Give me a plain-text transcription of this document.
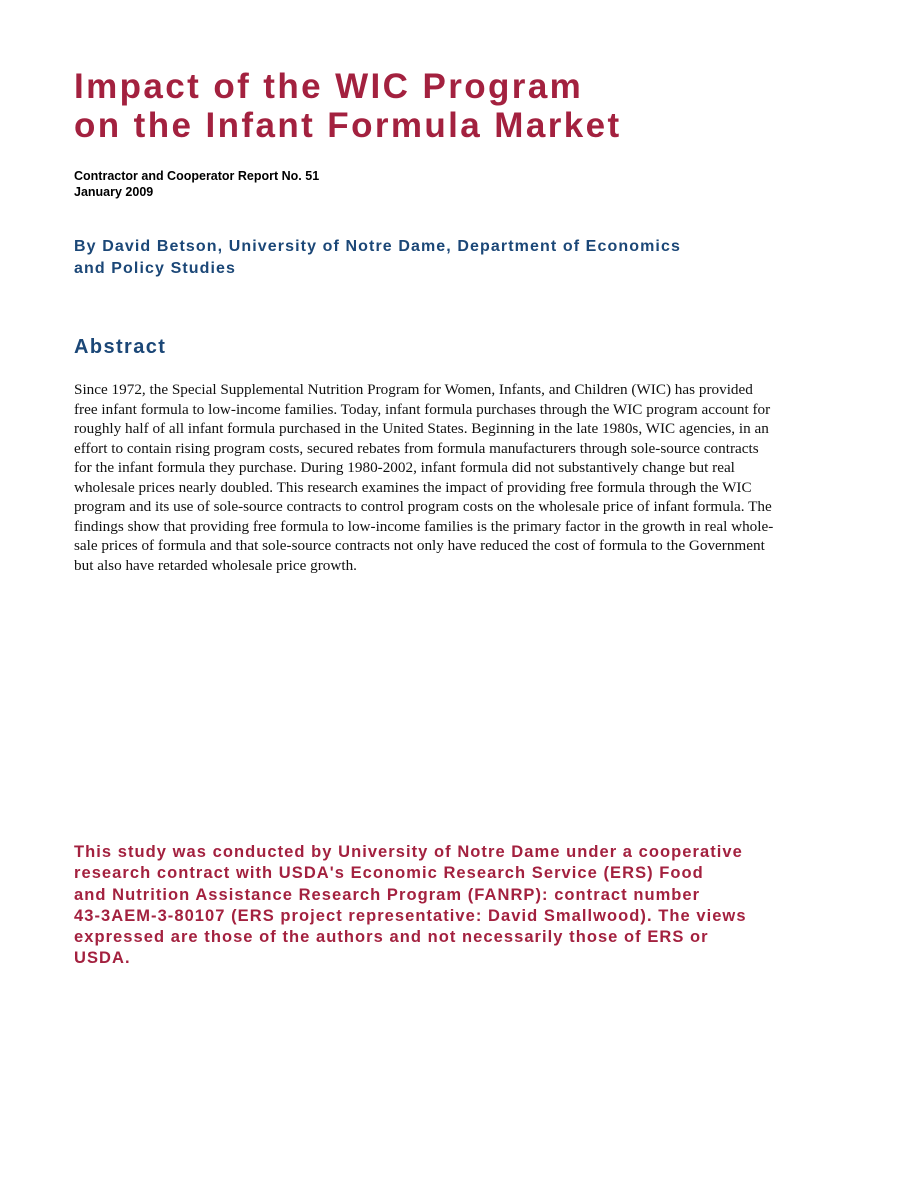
Impact of the WIC Program
on the Infant Formula Market
Contractor and Cooperator Report No. 51
January 2009
By David Betson, University of Notre Dame, Department of Economics
and Policy Studies
Abstract
Since 1972, the Special Supplemental Nutrition Program for Women, Infants, and Children (WIC) has provided
free infant formula to low-income families. Today, infant formula purchases through the WIC program account for
roughly half of all infant formula purchased in the United States. Beginning in the late 1980s, WIC agencies, in an
effort to contain rising program costs, secured rebates from formula manufacturers through sole-source contracts
for the infant formula they purchase. During 1980-2002, infant formula did not substantively change but real
wholesale prices nearly doubled. This research examines the impact of providing free formula through the WIC
program and its use of sole-source contracts to control program costs on the wholesale price of infant formula. The
findings show that providing free formula to low-income families is the primary factor in the growth in real whole-
sale prices of formula and that sole-source contracts not only have reduced the cost of formula to the Government
but also have retarded wholesale price growth.
This study was conducted by University of Notre Dame under a cooperative
research contract with USDA's Economic Research Service (ERS) Food
and Nutrition Assistance Research Program (FANRP): contract number
43-3AEM-3-80107 (ERS project representative: David Smallwood). The views
expressed are those of the authors and not necessarily those of ERS or
USDA.
